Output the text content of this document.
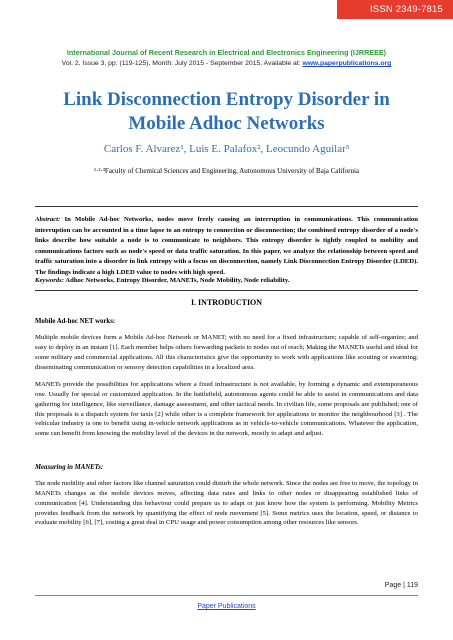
ISSN 2349-7815
International Journal of Recent Research in Electrical and Electronics Engineering (IJRREEE)
Vol. 2, Issue 3, pp: (119-125), Month: July 2015 - September 2015, Available at: www.paperpublications.org
Link Disconnection Entropy Disorder in
Mobile Adhoc Networks
Carlos F. Alvarez¹, Luis E. Palafox², Leocundo Aguilar³
¹·²·³Faculty of Chemical Sciences and Engineering, Autonomous University of Baja California
Abstract: In Mobile Ad-hoc Networks, nodes move freely causing an interruption in communications. This communication interruption can be accounted in a time lapse to an entropy to connection or disconnection; the combined entropy disorder of a node's links describe how suitable a node is to communicate to neighbors. This entropy disorder is tightly coupled to mobility and communications factors such as node's speed or data traffic saturation. In this paper, we analyze the relationship between speed and traffic saturation into a disorder in link entropy with a focus on disconnection, namely Link Disconnection Entropy Disorder (LDED). The findings indicate a high LDED value to nodes with high speed.
Keywords: Adhoc Networks, Entropy Disorder, MANETs, Node Mobility, Node reliability.
I. INTRODUCTION
Mobile Ad-hoc NET works:
Multiple mobile devices form a Mobile Ad-hoc Network or MANET; with no need for a fixed infrastructure; capable of self-organize; and easy to deploy in an instant [1]. Each member helps others forwarding packets to nodes out of reach; Making the MANETs useful and ideal for some military and commercial applications. All this characteristics give the opportunity to work with applications like scouting or swarming; disseminating communication or sensory detection capabilities in a localized area.
MANETs provide the possibilities for applications where a fixed infrastructure is not available, by forming a dynamic and extemporaneous one. Usually for special or customized application. In the battlefield, autonomous agents could be able to assist in communications and data gathering for intelligence, like surveillance, damage assessment, and other tactical needs. In civilian life, some proposals are published; one of this proposals is a dispatch system for taxis [2] while other is a complete framework for applications to monitor the neighbourhood [3] . The vehicular industry is one to benefit using in-vehicle network applications as in vehicle-to-vehicle communications. Whatever the application, some can benefit from knowing the mobility level of the devices in the network, mostly to adapt and adjust.
Measuring in MANETs:
The node mobility and other factors like channel saturation could disturb the whole network. Since the nodes are free to move, the topology in MANETs changes as the mobile devices moves, affecting data rates and links to other nodes or disappearing established links of communication [4]. Understanding this behaviour could prepare us to adapt or just know how the system is performing. Mobility Metrics provides feedback from the network by quantifying the effect of node movement [5]. Some metrics uses the location, speed, or distance to evaluate mobility [6], [7], costing a great deal in CPU usage and power consumption among other resources like sensors.
Page | 119
Paper Publications
